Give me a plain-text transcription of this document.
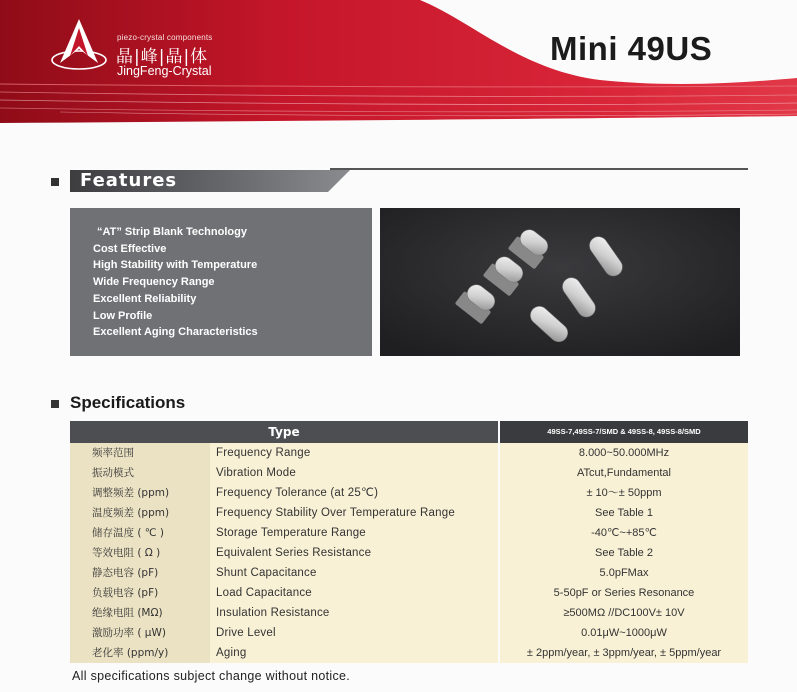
piezo-crystal components
晶|峰|晶|体
JingFeng-Crystal
Mini 49US
Features
“AT” Strip Blank Technology
Cost Effective
High Stability with Temperature
Wide Frequency Range
Excellent Reliability
Low Profile
Excellent Aging Characteristics
Specifications
Type	49SS-7,49SS-7/SMD & 49SS-8, 49SS-8/SMD
频率范围	Frequency Range	8.000~50.000MHz
振动模式	Vibration Mode	ATcut,Fundamental
调整频差 (ppm)	Frequency Tolerance (at 25℃)	± 10～± 50ppm
温度频差 (ppm)	Frequency Stability Over Temperature Range	See Table 1
储存温度 ( ℃ )	Storage Temperature Range	-40℃~+85℃
等效电阻 ( Ω )	Equivalent Series Resistance	See Table 2
静态电容 (pF)	Shunt Capacitance	5.0pFMax
负载电容 (pF)	Load Capacitance	5-50pF or Series Resonance
绝缘电阻 (MΩ)	Insulation Resistance	≥500MΩ //DC100V± 10V
激励功率 ( μW)	Drive Level	0.01μW~1000μW
老化率 (ppm/y)	Aging	± 2ppm/year, ± 3ppm/year, ± 5ppm/year
All specifications subject change without notice.
